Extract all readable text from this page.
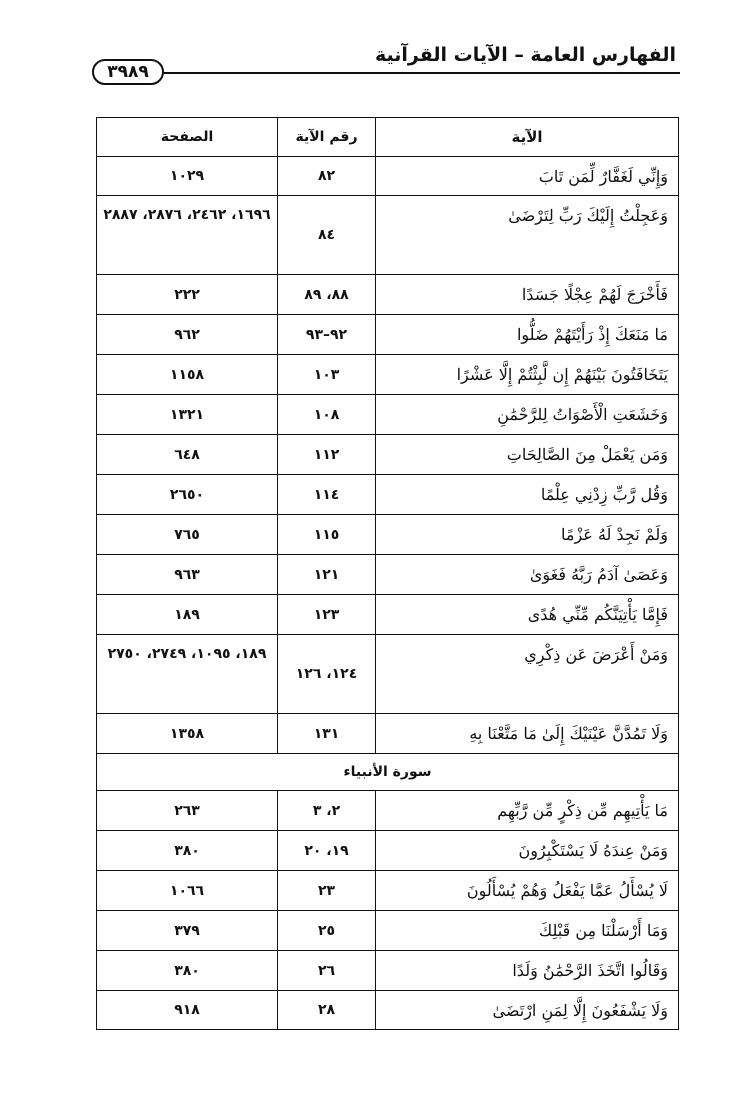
الفهارس العامة – الآيات القرآنية
٣٩٨٩
الآية
رقم الآية
الصفحة
وَإِنِّي لَغَفَّارٌ لِّمَن تَابَ
٨٢
١٠٢٩
وَعَجِلْتُ إِلَيْكَ رَبِّ لِتَرْضَىٰ
٨٤
١٦٩٦، ٢٤٦٢، ٢٨٧٦، ٢٨٨٧
فَأَخْرَجَ لَهُمْ عِجْلًا جَسَدًا
٨٨، ٨٩
٢٢٢
مَا مَنَعَكَ إِذْ رَأَيْتَهُمْ ضَلُّوا
٩٢–٩٣
٩٦٢
يَتَخَافَتُونَ بَيْنَهُمْ إِن لَّبِثْتُمْ إِلَّا عَشْرًا
١٠٣
١١٥٨
وَخَشَعَتِ الْأَصْوَاتُ لِلرَّحْمَٰنِ
١٠٨
١٣٢١
وَمَن يَعْمَلْ مِنَ الصَّالِحَاتِ
١١٢
٦٤٨
وَقُل رَّبِّ زِدْنِي عِلْمًا
١١٤
٢٦٥٠
وَلَمْ نَجِدْ لَهُ عَزْمًا
١١٥
٧٦٥
وَعَصَىٰ آدَمُ رَبَّهُ فَغَوَىٰ
١٢١
٩٦٣
فَإِمَّا يَأْتِيَنَّكُم مِّنِّي هُدًى
١٢٣
١٨٩
وَمَنْ أَعْرَضَ عَن ذِكْرِي
١٢٤، ١٢٦
١٨٩، ١٠٩٥، ٢٧٤٩، ٢٧٥٠
وَلَا تَمُدَّنَّ عَيْنَيْكَ إِلَىٰ مَا مَتَّعْنَا بِهِ
١٣١
١٣٥٨
سورة الأنبياء
مَا يَأْتِيهِم مِّن ذِكْرٍ مِّن رَّبِّهِم
٢، ٣
٢٦٣
وَمَنْ عِندَهُ لَا يَسْتَكْبِرُونَ
١٩، ٢٠
٣٨٠
لَا يُسْأَلُ عَمَّا يَفْعَلُ وَهُمْ يُسْأَلُونَ
٢٣
١٠٦٦
وَمَا أَرْسَلْنَا مِن قَبْلِكَ
٢٥
٣٧٩
وَقَالُوا اتَّخَذَ الرَّحْمَٰنُ وَلَدًا
٢٦
٣٨٠
وَلَا يَشْفَعُونَ إِلَّا لِمَنِ ارْتَضَىٰ
٢٨
٩١٨
